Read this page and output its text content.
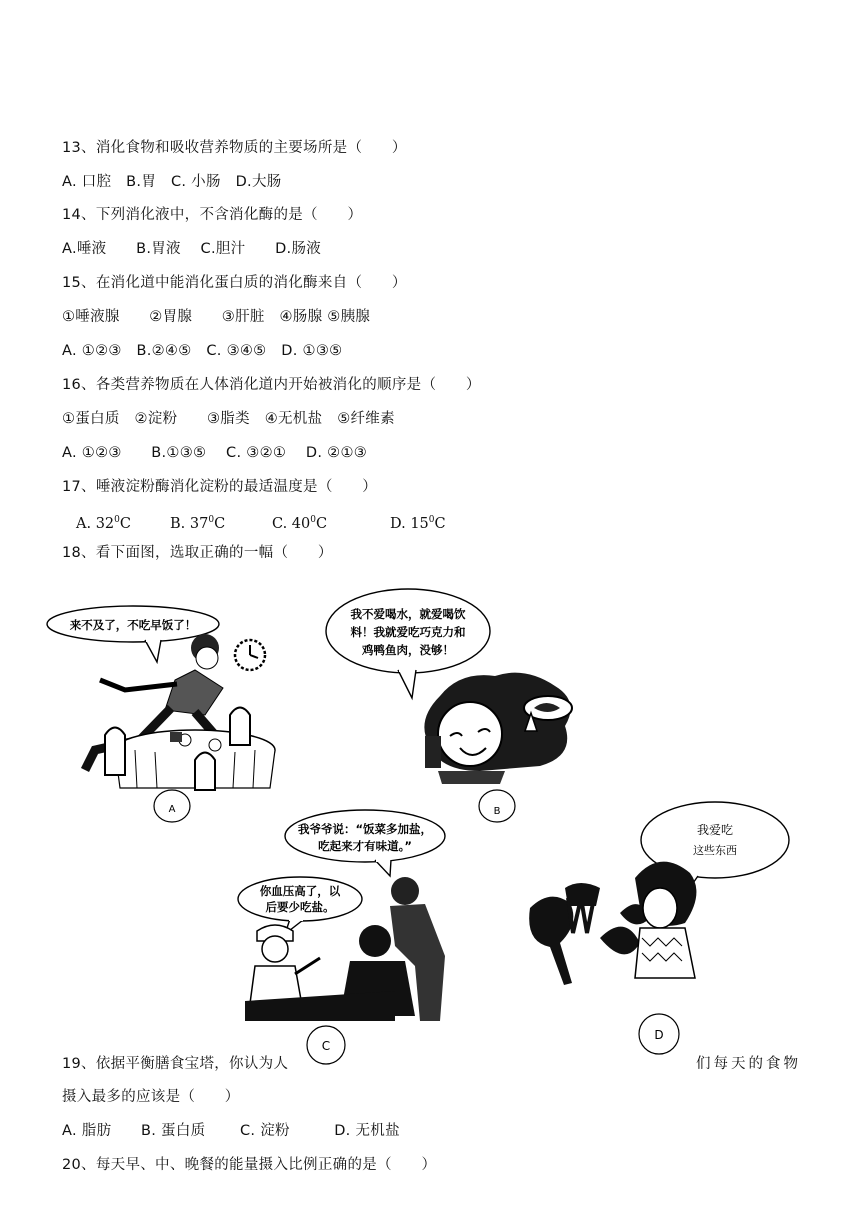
13、消化食物和吸收营养物质的主要场所是（　　）
A. 口腔　B.胃　C. 小肠　D.大肠
14、下列消化液中，不含消化酶的是（　　）
A.唾液　　B.胃液　 C.胆汁　　D.肠液
15、在消化道中能消化蛋白质的消化酶来自（　　）
①唾液腺　　②胃腺　　③肝脏　④肠腺 ⑤胰腺
A. ①②③　B.②④⑤　C. ③④⑤　D. ①③⑤
16、各类营养物质在人体消化道内开始被消化的顺序是（　　）
①蛋白质　②淀粉　　③脂类　④无机盐　⑤纤维素
A. ①②③　　B.①③⑤　 C. ③②①　 D. ②①③
17、唾液淀粉酶消化淀粉的最适温度是（　　）
A. $32^0C$	B. $37^0C$	C. $40^0C$	D. $15^0C$
18、看下面图，选取正确的一幅（　　）
来不及了，不吃早饭了！
A
我不爱喝水，就爱喝饮
料！我就爱吃巧克力和
鸡鸭鱼肉，没够！
B
我爷爷说：“饭菜多加盐，
吃起来才有味道。”
你血压高了，以
后要少吃盐。
C
我爱吃
这些东西
D
19、依据平衡膳食宝塔，你认为人	们每天的食物
摄入最多的应该是（　　）
A. 脂肪　　B. 蛋白质　　 C. 淀粉　　　D. 无机盐
20、每天早、中、晚餐的能量摄入比例正确的是（　　）
